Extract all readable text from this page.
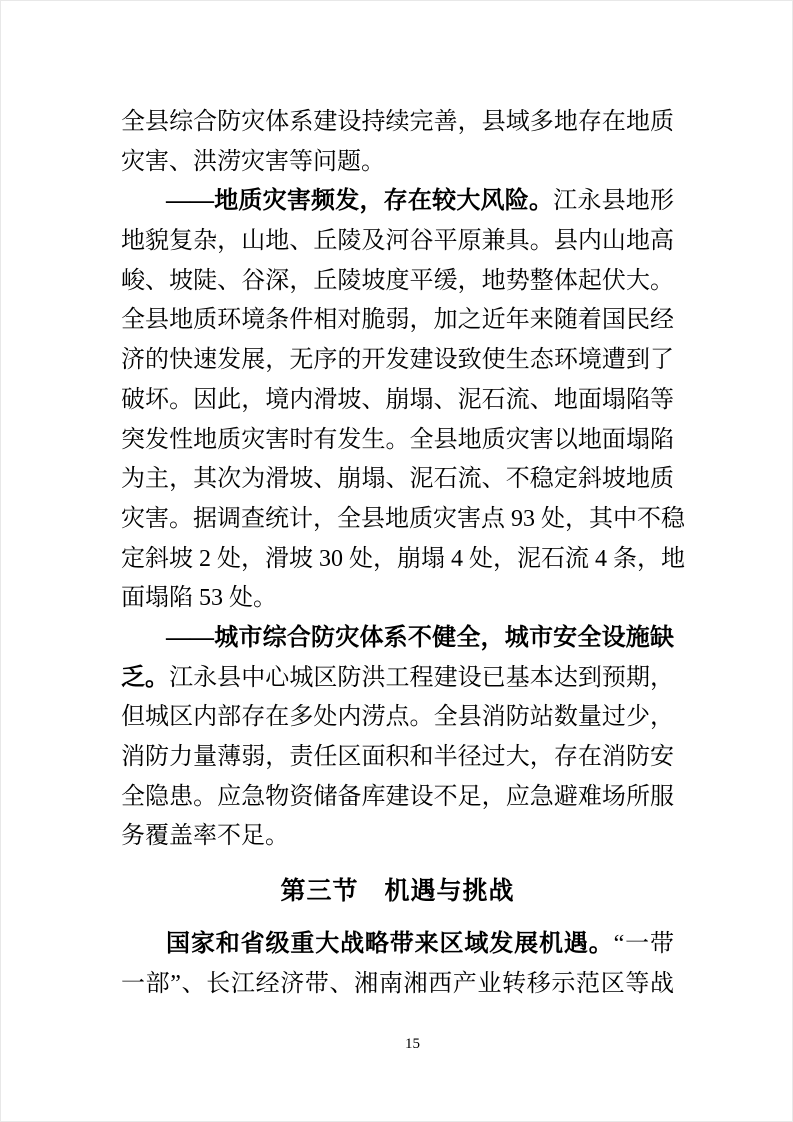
全县综合防灾体系建设持续完善，县域多地存在地质
灾害、洪涝灾害等问题。
——地质灾害频发，存在较大风险。江永县地形
地貌复杂，山地、丘陵及河谷平原兼具。县内山地高
峻、坡陡、谷深，丘陵坡度平缓，地势整体起伏大。
全县地质环境条件相对脆弱，加之近年来随着国民经
济的快速发展，无序的开发建设致使生态环境遭到了
破坏。因此，境内滑坡、崩塌、泥石流、地面塌陷等
突发性地质灾害时有发生。全县地质灾害以地面塌陷
为主，其次为滑坡、崩塌、泥石流、不稳定斜坡地质
灾害。据调查统计，全县地质灾害点 93 处，其中不稳
定斜坡 2 处，滑坡 30 处，崩塌 4 处，泥石流 4 条，地
面塌陷 53 处。
——城市综合防灾体系不健全，城市安全设施缺
乏。江永县中心城区防洪工程建设已基本达到预期，
但城区内部存在多处内涝点。全县消防站数量过少，
消防力量薄弱，责任区面积和半径过大，存在消防安
全隐患。应急物资储备库建设不足，应急避难场所服
务覆盖率不足。
第三节　机遇与挑战
国家和省级重大战略带来区域发展机遇。“一带
一部”、长江经济带、湘南湘西产业转移示范区等战
15
